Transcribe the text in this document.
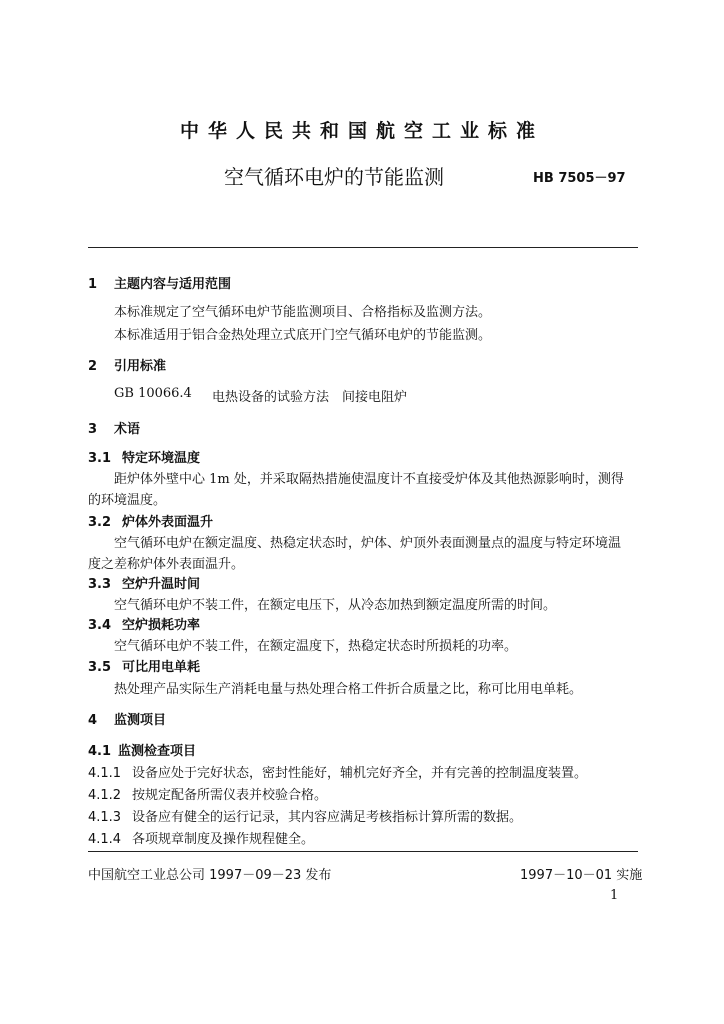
中华人民共和国航空工业标准
空气循环电炉的节能监测	HB 7505－97
1 主题内容与适用范围
本标准规定了空气循环电炉节能监测项目、合格指标及监测方法。
本标准适用于铝合金热处理立式底开门空气循环电炉的节能监测。
2 引用标准
GB 10066.4 电热设备的试验方法　间接电阻炉
3 术语
3.1 特定环境温度
距炉体外壁中心 1m 处，并采取隔热措施使温度计不直接受炉体及其他热源影响时，测得
的环境温度。
3.2 炉体外表面温升
空气循环电炉在额定温度、热稳定状态时，炉体、炉顶外表面测量点的温度与特定环境温
度之差称炉体外表面温升。
3.3 空炉升温时间
空气循环电炉不装工件，在额定电压下，从冷态加热到额定温度所需的时间。
3.4 空炉损耗功率
空气循环电炉不装工件，在额定温度下，热稳定状态时所损耗的功率。
3.5 可比用电单耗
热处理产品实际生产消耗电量与热处理合格工件折合质量之比，称可比用电单耗。
4 监测项目
4.1 监测检查项目
4.1.1 设备应处于完好状态，密封性能好，辅机完好齐全，并有完善的控制温度装置。
4.1.2 按规定配备所需仪表并校验合格。
4.1.3 设备应有健全的运行记录，其内容应满足考核指标计算所需的数据。
4.1.4 各项规章制度及操作规程健全。
中国航空工业总公司 1997－09－23 发布	1997－10－01 实施
1
